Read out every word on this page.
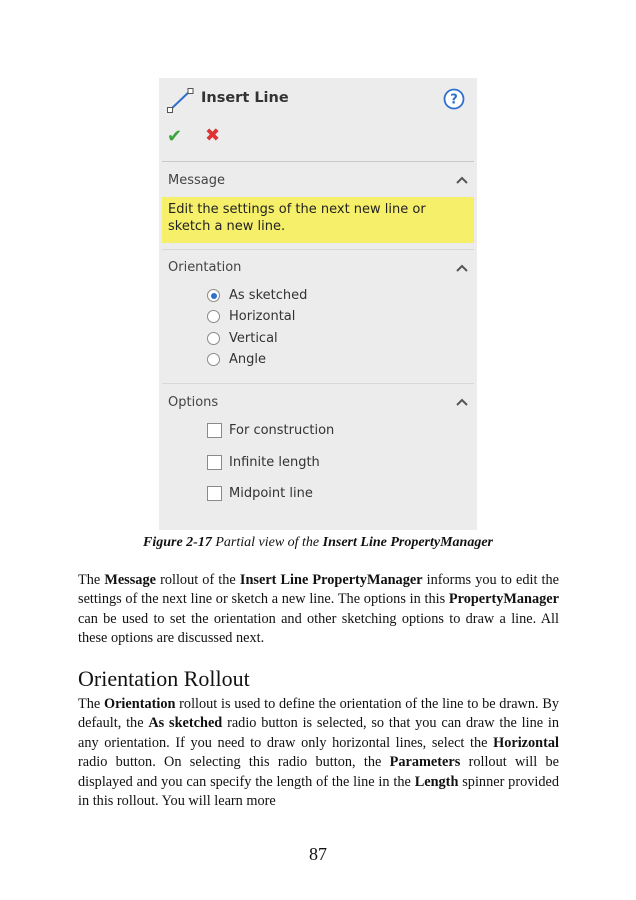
Insert Line	?
✔ ✖
Message
Edit the settings of the next new line or sketch a new line.
Orientation
As sketched
Horizontal
Vertical
Angle
Options
For construction
Infinite length
Midpoint line
Figure 2-17 Partial view of the Insert Line PropertyManager
The Message rollout of the Insert Line PropertyManager informs you to edit the settings of the next line or sketch a new line. The options in this PropertyManager can be used to set the orientation and other sketching options to draw a line. All these options are discussed next.
Orientation Rollout
The Orientation rollout is used to define the orientation of the line to be drawn. By default, the As sketched radio button is selected, so that you can draw the line in any orientation. If you need to draw only horizontal lines, select the Horizontal radio button. On selecting this radio button, the Parameters rollout will be displayed and you can specify the length of the line in the Length spinner provided in this rollout. You will learn more
87
